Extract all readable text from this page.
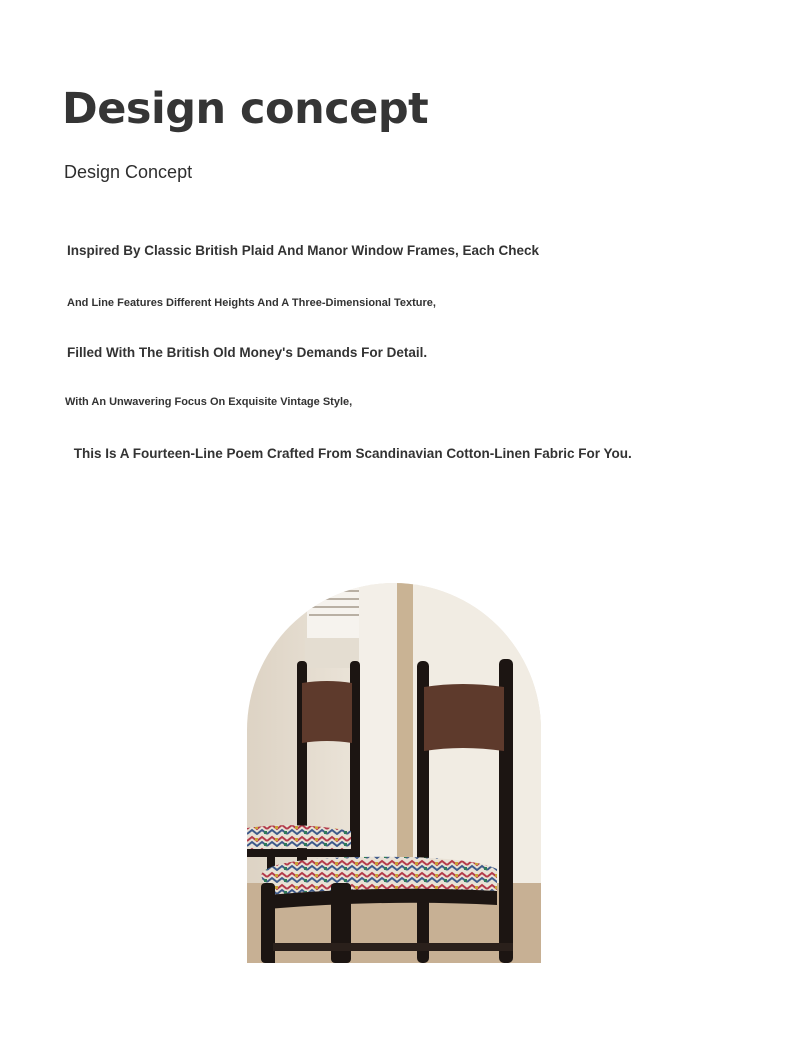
Design concept
Design Concept

Inspired By Classic British Plaid And Manor Window Frames, Each Check

And Line Features Different Heights And A Three-Dimensional Texture,

Filled With The British Old Money's Demands For Detail.

With An Unwavering Focus On Exquisite Vintage Style,

This Is A Fourteen-Line Poem Crafted From Scandinavian Cotton-Linen Fabric For You.
